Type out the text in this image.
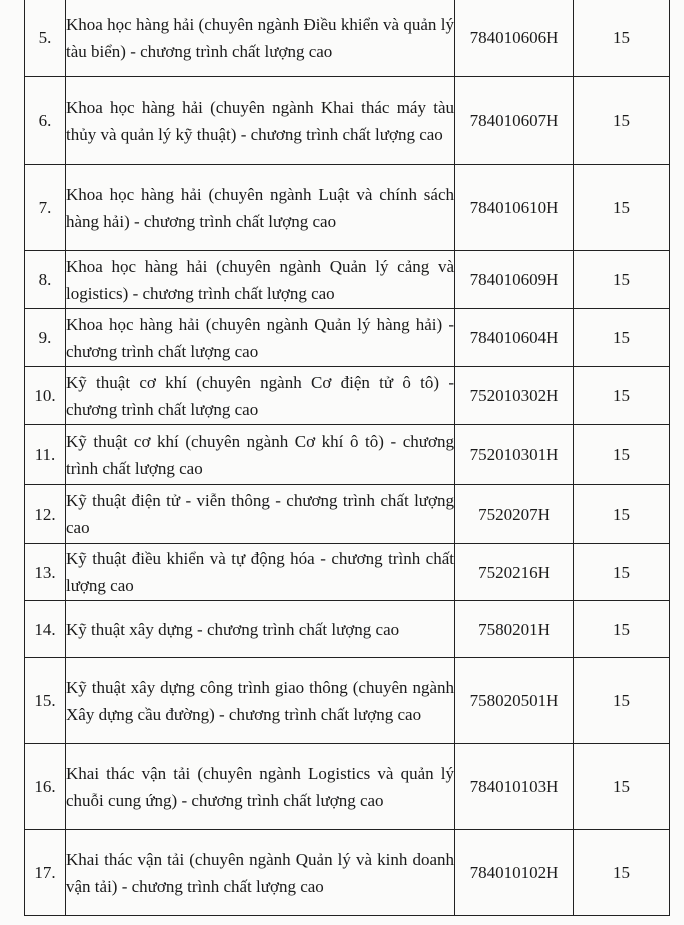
5.	Khoa học hàng hải (chuyên ngành Điều khiển và quản lý tàu biển) - chương trình chất lượng cao	784010606H	15
6.	Khoa học hàng hải (chuyên ngành Khai thác máy tàu thủy và quản lý kỹ thuật) - chương trình chất lượng cao	784010607H	15
7.	Khoa học hàng hải (chuyên ngành Luật và chính sách hàng hải) - chương trình chất lượng cao	784010610H	15
8.	Khoa học hàng hải (chuyên ngành Quản lý cảng và logistics) - chương trình chất lượng cao	784010609H	15
9.	Khoa học hàng hải (chuyên ngành Quản lý hàng hải) - chương trình chất lượng cao	784010604H	15
10.	Kỹ thuật cơ khí (chuyên ngành Cơ điện tử ô tô) - chương trình chất lượng cao	752010302H	15
11.	Kỹ thuật cơ khí (chuyên ngành Cơ khí ô tô) - chương trình chất lượng cao	752010301H	15
12.	Kỹ thuật điện tử - viễn thông - chương trình chất lượng cao	7520207H	15
13.	Kỹ thuật điều khiển và tự động hóa - chương trình chất lượng cao	7520216H	15
14.	Kỹ thuật xây dựng - chương trình chất lượng cao	7580201H	15
15.	Kỹ thuật xây dựng công trình giao thông (chuyên ngành Xây dựng cầu đường) - chương trình chất lượng cao	758020501H	15
16.	Khai thác vận tải (chuyên ngành Logistics và quản lý chuỗi cung ứng) - chương trình chất lượng cao	784010103H	15
17.	Khai thác vận tải (chuyên ngành Quản lý và kinh doanh vận tải) - chương trình chất lượng cao	784010102H	15
